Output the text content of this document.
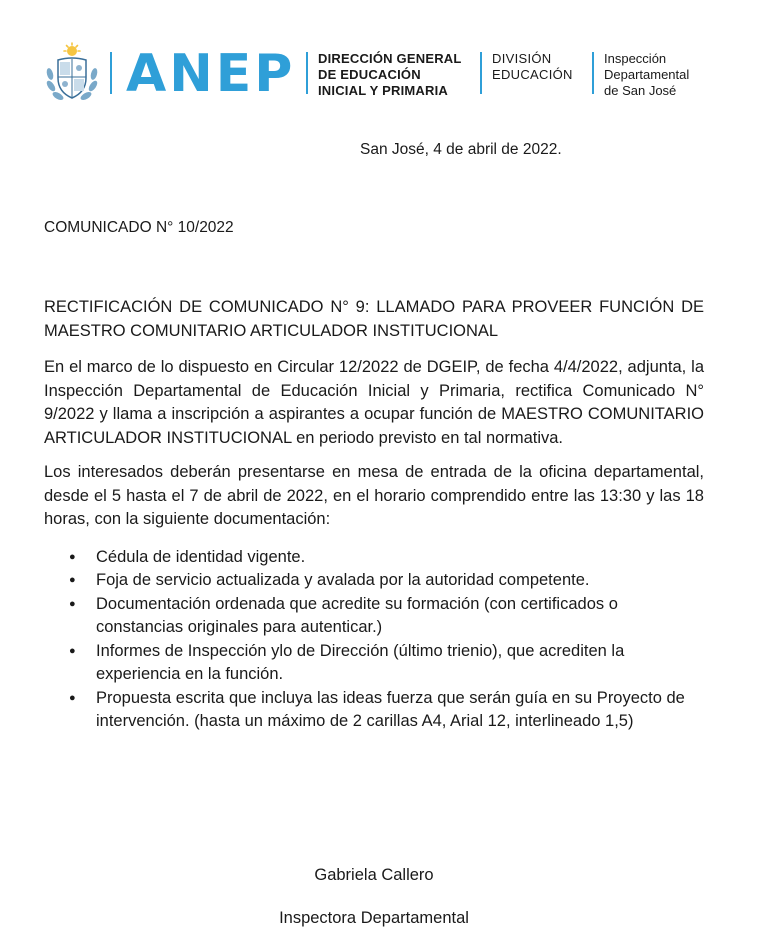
ANEP DIRECCIÓN GENERAL
DE EDUCACIÓN
INICIAL Y PRIMARIA
DIVISIÓN
EDUCACIÓN
Inspección
Departamental
de San José
San José, 4 de abril de 2022.
COMUNICADO N° 10/2022

RECTIFICACIÓN DE COMUNICADO N° 9: LLAMADO PARA PROVEER FUNCIÓN DE MAESTRO COMUNITARIO ARTICULADOR INSTITUCIONAL

En el marco de lo dispuesto en Circular 12/2022 de DGEIP, de fecha 4/4/2022, adjunta, la Inspección Departamental de Educación Inicial y Primaria, rectifica Comunicado N° 9/2022 y llama a inscripción a aspirantes a ocupar función de MAESTRO COMUNITARIO ARTICULADOR INSTITUCIONAL en periodo previsto en tal normativa.

Los interesados deberán presentarse en mesa de entrada de la oficina departamental, desde el 5 hasta el 7 de abril de 2022, en el horario comprendido entre las 13:30 y las 18 horas, con la siguiente documentación:

● Cédula de identidad vigente.
● Foja de servicio actualizada y avalada por la autoridad competente.
● Documentación ordenada que acredite su formación (con certificados o constancias originales para autenticar.)
● Informes de Inspección ylo de Dirección (último trienio), que acrediten la experiencia en la función.
● Propuesta escrita que incluya las ideas fuerza que serán guía en su Proyecto de intervención. (hasta un máximo de 2 carillas A4, Arial 12, interlineado 1,5)
Gabriela Callero
Inspectora Departamental
